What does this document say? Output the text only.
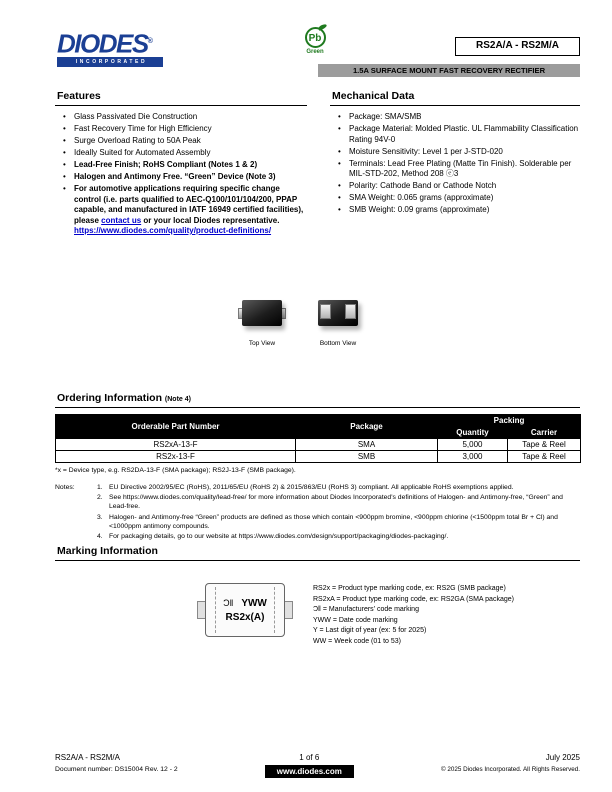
DIODES®
INCORPORATED
Pb
Green
RS2A/A - RS2M/A
1.5A SURFACE MOUNT FAST RECOVERY RECTIFIER
Features
•
Glass Passivated Die Construction
•
Fast Recovery Time for High Efficiency
•
Surge Overload Rating to 50A Peak
•
Ideally Suited for Automated Assembly
•
Lead-Free Finish; RoHS Compliant (Notes 1 & 2)
•
Halogen and Antimony Free. “Green” Device (Note 3)
•
For automotive applications requiring specific change control (i.e. parts qualified to AEC-Q100/101/104/200, PPAP capable, and manufactured in IATF 16949 certified facilities), please contact us or your local Diodes representative.
https://www.diodes.com/quality/product-definitions/
Mechanical Data
•
Package: SMA/SMB
•
Package Material: Molded Plastic. UL Flammability Classification Rating 94V-0
•
Moisture Sensitivity: Level 1 per J-STD-020
•
Terminals: Lead Free Plating (Matte Tin Finish). Solderable per MIL-STD-202, Method 208 ⓔ3
•
Polarity: Cathode Band or Cathode Notch
•
SMA Weight: 0.065 grams (approximate)
•
SMB Weight: 0.09 grams (approximate)
Top View	Bottom View
Ordering Information (Note 4)
Orderable Part Number	Package	Packing	
		Quantity	Carrier
RS2xA-13-F	SMA	5,000	Tape & Reel
RS2x-13-F	SMB	3,000	Tape & Reel
*x = Device type, e.g. RS2DA-13-F (SMA package); RS2J-13-F (SMB package).
Notes:	1. EU Directive 2002/95/EC (RoHS), 2011/65/EU (RoHS 2) & 2015/863/EU (RoHS 3) compliant. All applicable RoHS exemptions applied.
2. See https://www.diodes.com/quality/lead-free/ for more information about Diodes Incorporated's definitions of Halogen- and Antimony-free, “Green” and Lead-free.
3. Halogen- and Antimony-free “Green” products are defined as those which contain <900ppm bromine, <900ppm chlorine (<1500ppm total Br + Cl) and <1000ppm antimony compounds.
4. For packaging details, go to our website at https://www.diodes.com/design/support/packaging/diodes-packaging/.
Marking Information
Ɔ‖ YWW
RS2x(A)
RS2x = Product type marking code, ex: RS2G (SMB package)
RS2xA = Product type marking code, ex: RS2GA (SMA package)
Ɔ‖ = Manufacturers' code marking
YWW = Date code marking
Y = Last digit of year (ex: 5 for 2025)
WW = Week code (01 to 53)
RS2A/A - RS2M/A
Document number: DS15004 Rev. 12 - 2
1 of 6
www.diodes.com
July 2025
© 2025 Diodes Incorporated. All Rights Reserved.
